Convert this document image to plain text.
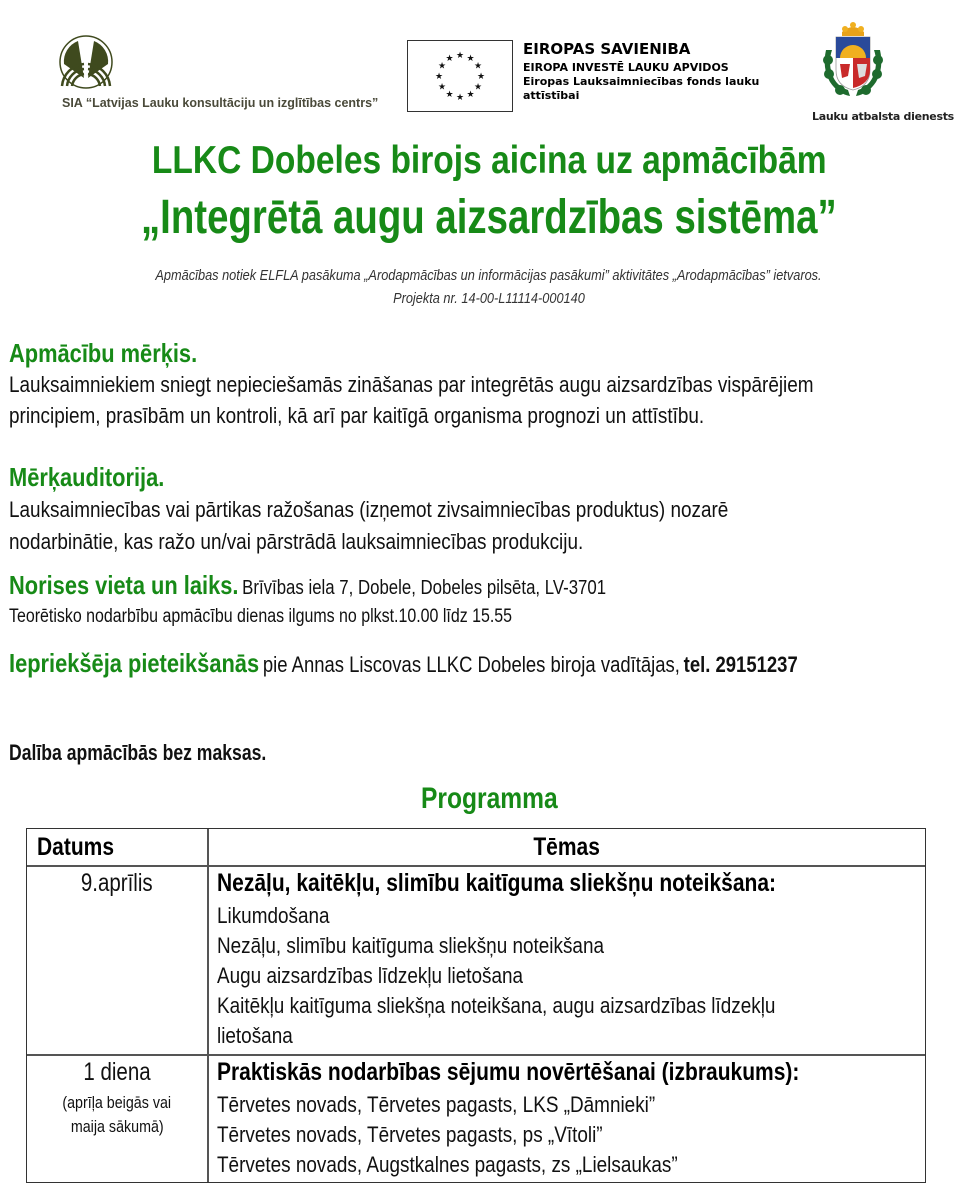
SIA “Latvijas Lauku konsultāciju un izglītības centrs”
★ ★
★
★
★
★
★
★
★
★
★
★
EIROPAS SAVIENIBA
EIROPA INVESTĒ LAUKU APVIDOS
Eiropas Lauksaimniecības fonds lauku attīstībai
Lauku atbalsta dienests
LLKC Dobeles birojs aicina uz apmācībām
„Integrētā augu aizsardzības sistēma”
Apmācības notiek ELFLA pasākuma „Arodapmācības un informācijas pasākumi” aktivitātes „Arodapmācības” ietvaros.
Projekta nr. 14-00-L11114-000140
Apmācību mērķis.
Lauksaimniekiem sniegt nepieciešamās zināšanas par integrētās augu aizsardzības vispārējiem
principiem, prasībām un kontroli, kā arī par kaitīgā organisma prognozi un attīstību.
Mērķauditorija.
Lauksaimniecības vai pārtikas ražošanas (izņemot zivsaimniecības produktus) nozarē
nodarbinātie, kas ražo un/vai pārstrādā lauksaimniecības produkciju.
Norises vieta un laiks. Brīvības iela 7, Dobele, Dobeles pilsēta, LV-3701
Teorētisko nodarbību apmācību dienas ilgums no plkst.10.00 līdz 15.55
Iepriekšēja pieteikšanās pie Annas Liscovas LLKC Dobeles biroja vadītājas, tel. 29151237
Dalība apmācībās bez maksas.
Programma
Datums	Tēmas
9.aprīlis	Nezāļu, kaitēkļu, slimību kaitīguma sliekšņu noteikšana:
Likumdošana
Nezāļu, slimību kaitīguma sliekšņu noteikšana
Augu aizsardzības līdzekļu lietošana
Kaitēkļu kaitīguma sliekšņa noteikšana, augu aizsardzības līdzekļu
lietošana
1 diena
(aprīļa beigās vai
maija sākumā)
Praktiskās nodarbības sējumu novērtēšanai (izbraukums):
Tērvetes novads, Tērvetes pagasts, LKS „Dāmnieki”
Tērvetes novads, Tērvetes pagasts, ps „Vītoli”
Tērvetes novads, Augstkalnes pagasts, zs „Lielsaukas”
